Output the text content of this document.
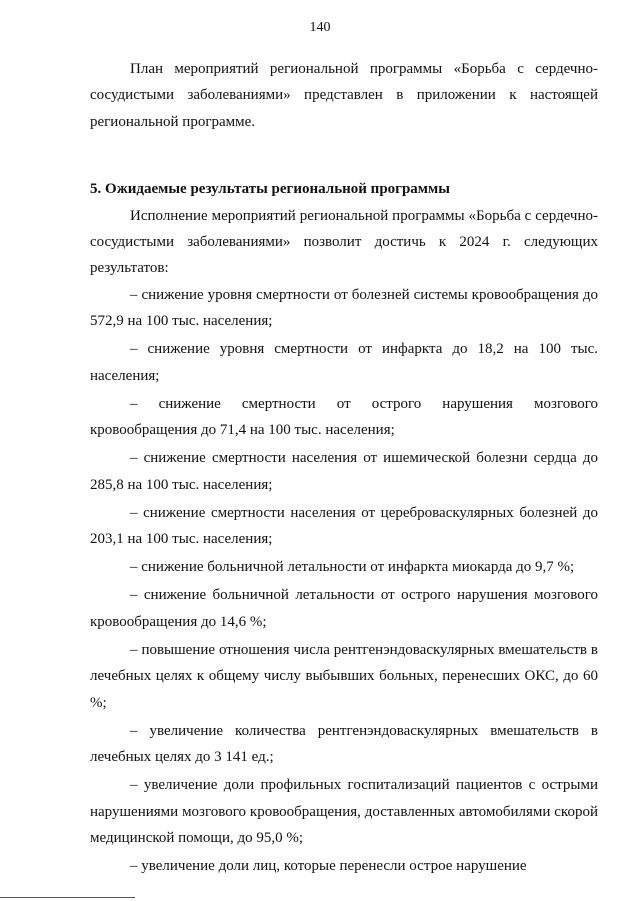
140

План мероприятий региональной программы «Борьба с сердечно-сосудистыми заболеваниями» представлен в приложении к настоящей региональной программе.

5. Ожидаемые результаты региональной программы

Исполнение мероприятий региональной программы «Борьба с сердечно-сосудистыми заболеваниями» позволит достичь к 2024 г. следующих результатов:

– снижение уровня смертности от болезней системы кровообращения до 572,9 на 100 тыс. населения;
– снижение уровня смертности от инфаркта до 18,2 на 100 тыс. населения;
– снижение смертности от острого нарушения мозгового кровообращения до 71,4 на 100 тыс. населения;
– снижение смертности населения от ишемической болезни сердца до 285,8 на 100 тыс. населения;
– снижение смертности населения от цереброваскулярных болезней до 203,1 на 100 тыс. населения;
– снижение больничной летальности от инфаркта миокарда до 9,7 %;
– снижение больничной летальности от острого нарушения мозгового кровообращения до 14,6 %;
– повышение отношения числа рентгенэндоваскулярных вмешательств в лечебных целях к общему числу выбывших больных, перенесших ОКС, до 60 %;
– увеличение количества рентгенэндоваскулярных вмешательств в лечебных целях до 3 141 ед.;
– увеличение доли профильных госпитализаций пациентов с острыми нарушениями мозгового кровообращения, доставленных автомобилями скорой медицинской помощи, до 95,0 %;
– увеличение доли лиц, которые перенесли острое нарушение
